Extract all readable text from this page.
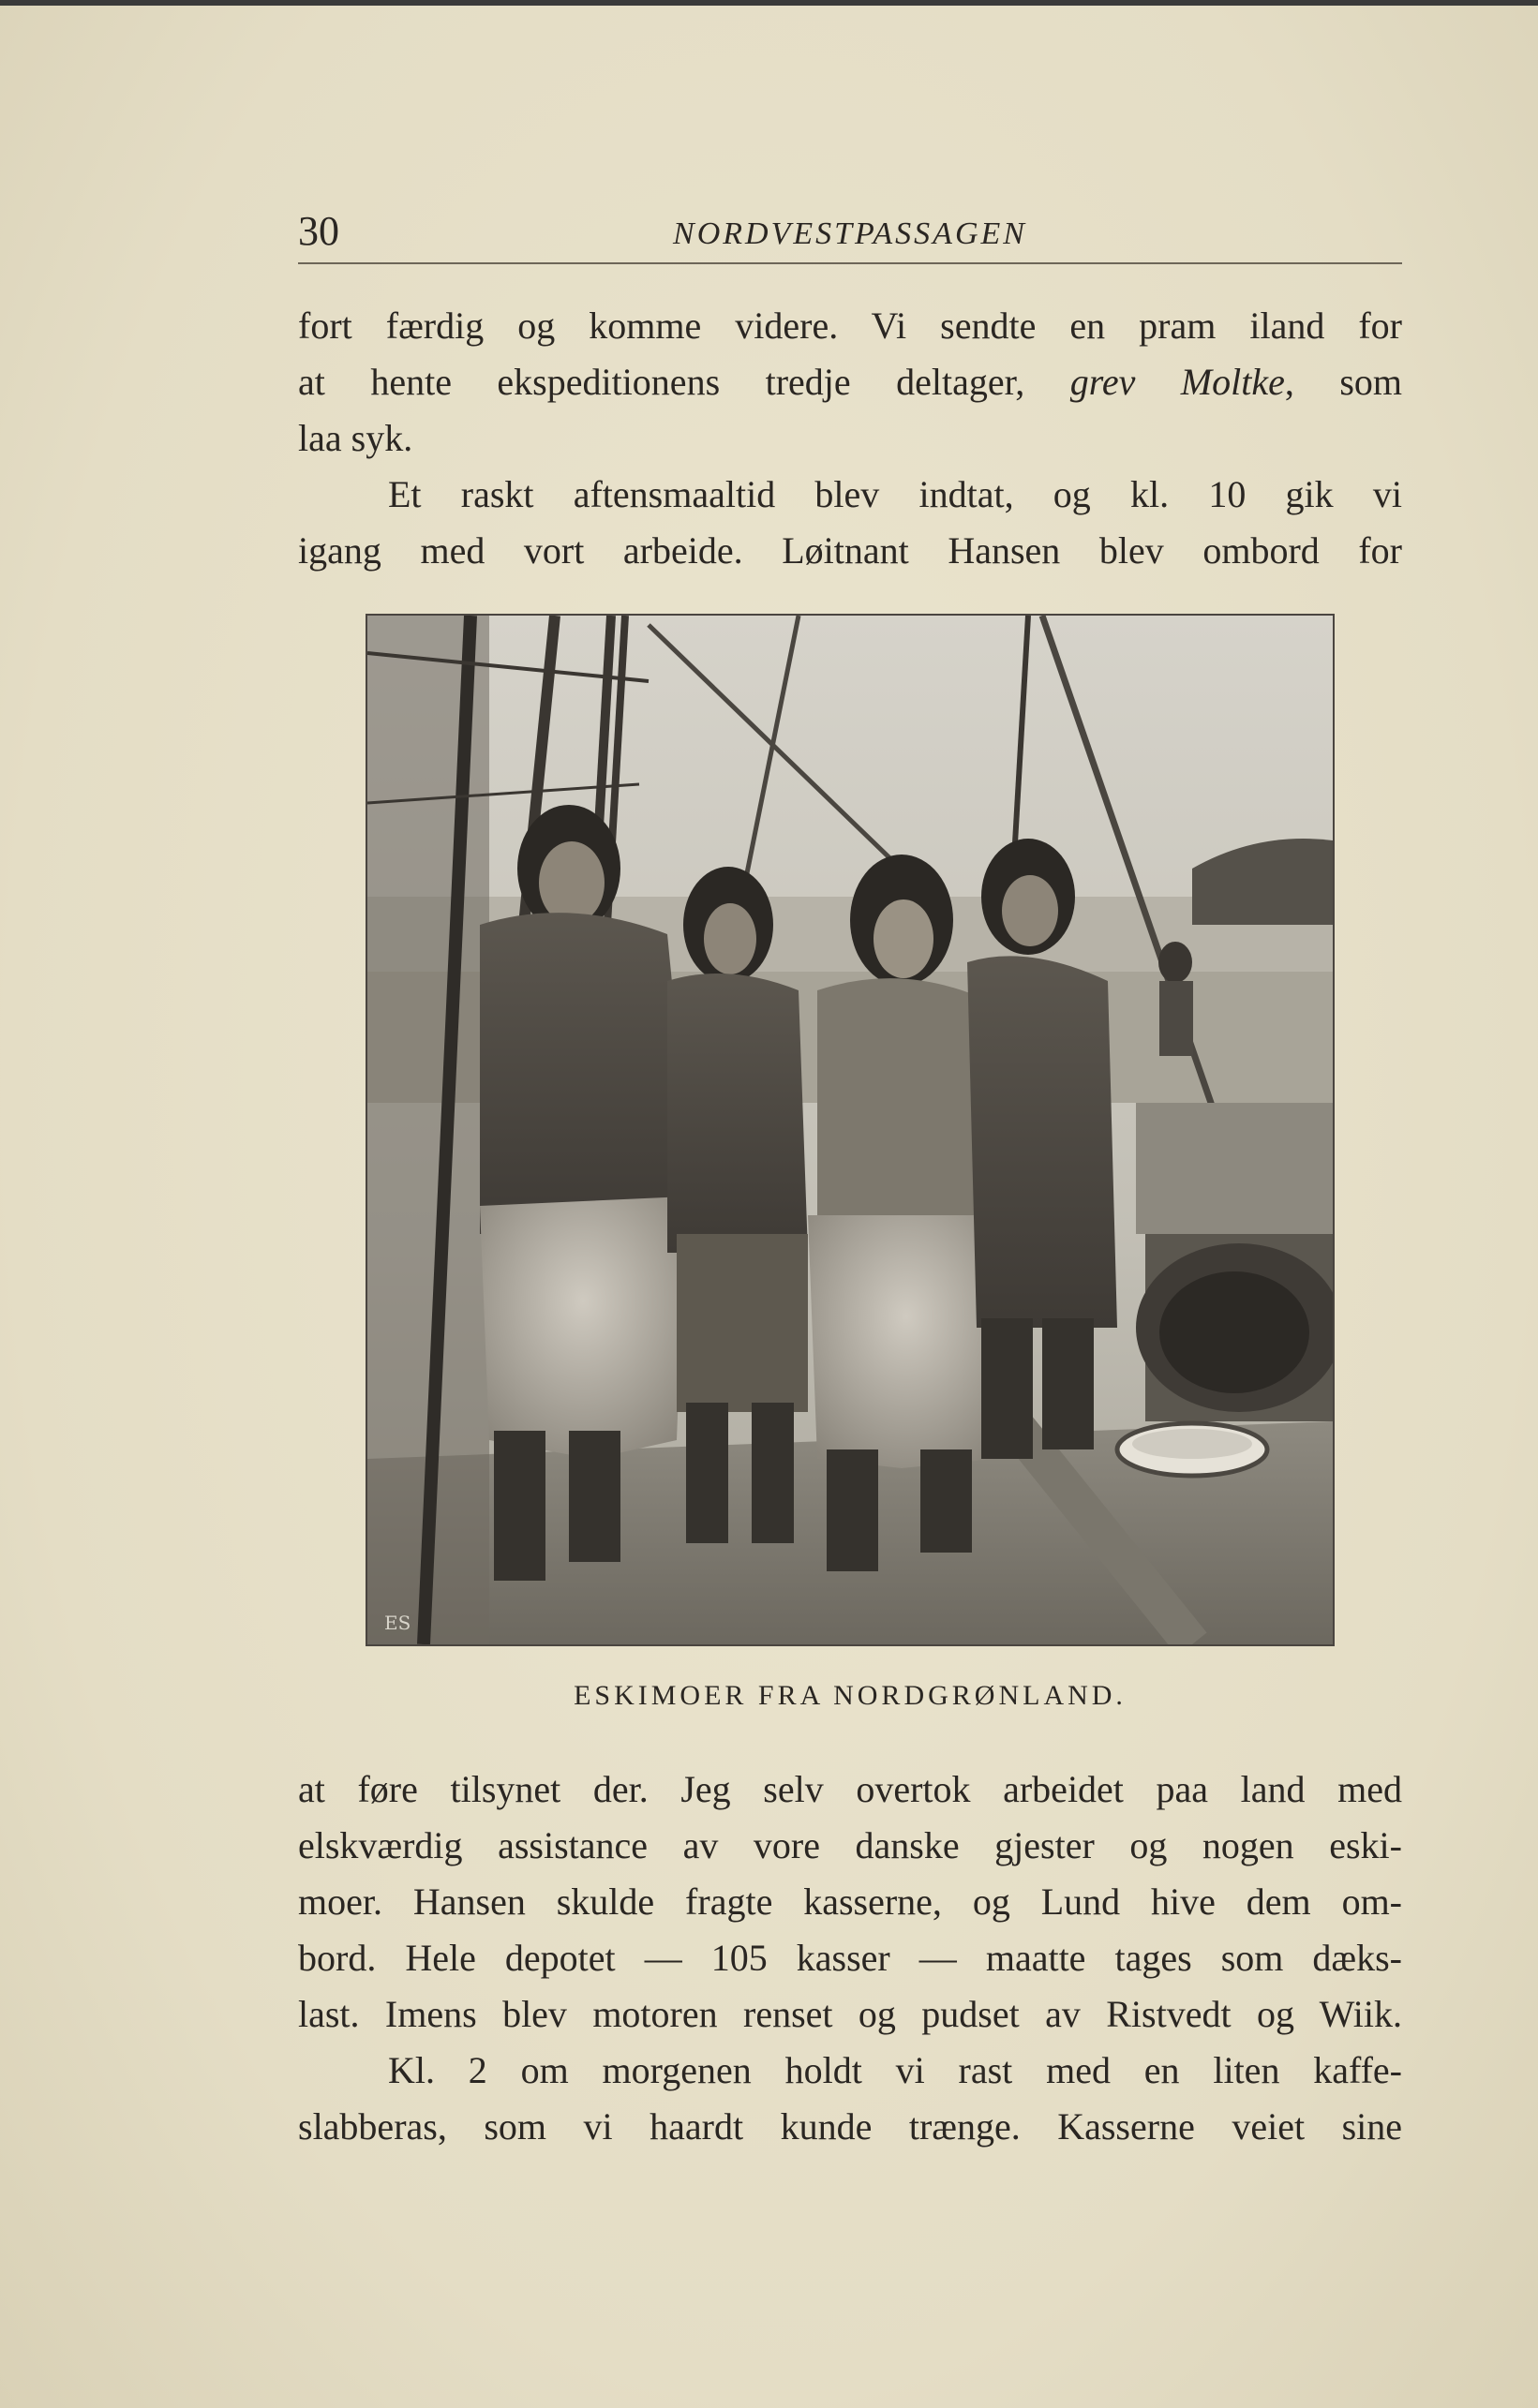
30	NORDVESTPASSAGEN
fort færdig og komme videre. Vi sendte en pram iland for
at hente ekspeditionens tredje deltager, grev Moltke, som
laa syk.
Et raskt aftensmaaltid blev indtat, og kl. 10 gik vi
igang med vort arbeide. Løitnant Hansen blev ombord for
ES
ESKIMOER FRA NORDGRØNLAND.
at føre tilsynet der. Jeg selv overtok arbeidet paa land med
elskværdig assistance av vore danske gjester og nogen eski-
moer. Hansen skulde fragte kasserne, og Lund hive dem om-
bord. Hele depotet — 105 kasser — maatte tages som dæks-
last. Imens blev motoren renset og pudset av Ristvedt og Wiik.
Kl. 2 om morgenen holdt vi rast med en liten kaffe-
slabberas, som vi haardt kunde trænge. Kasserne veiet sine
